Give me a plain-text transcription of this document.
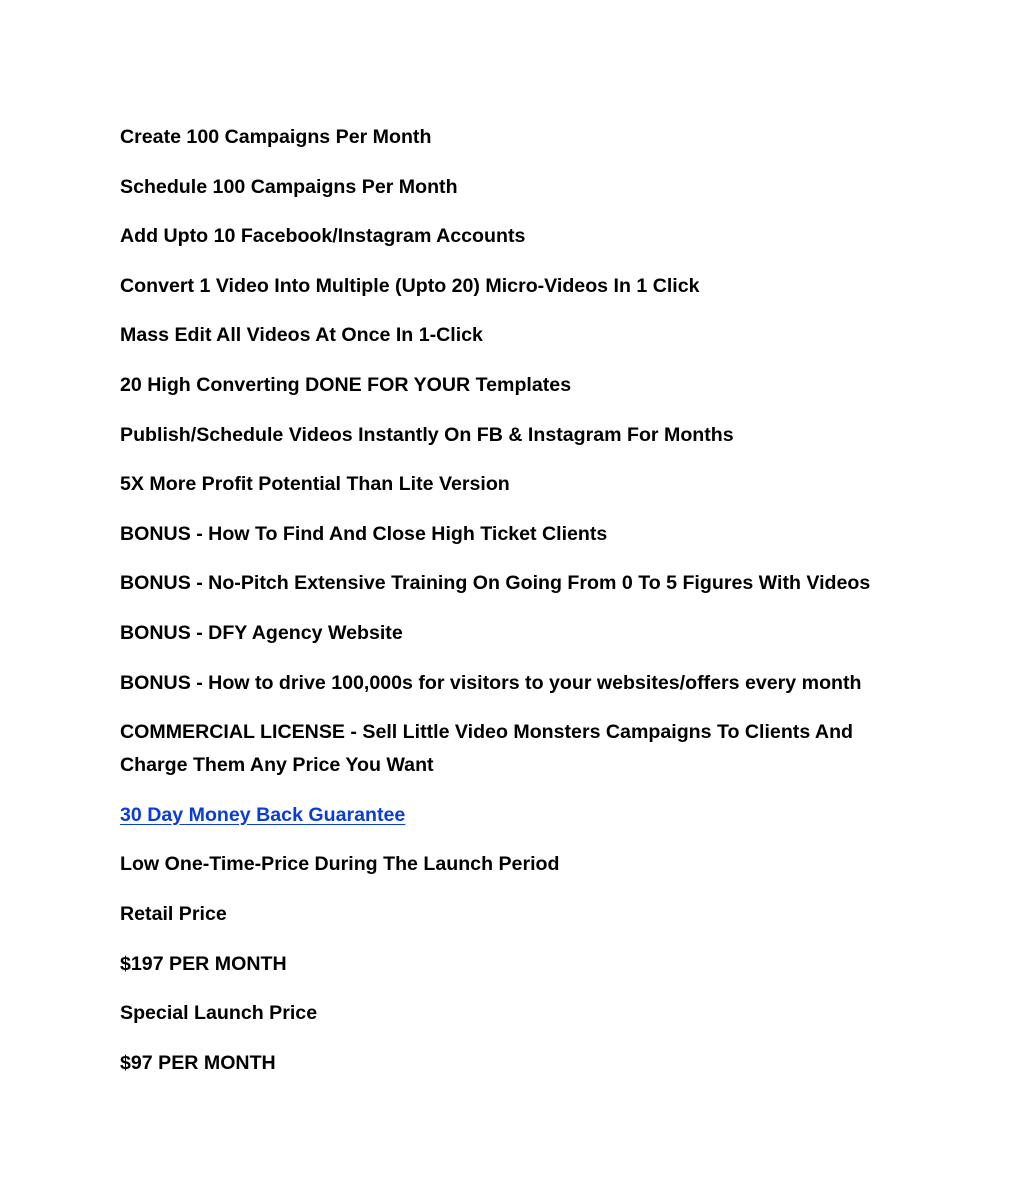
Create 100 Campaigns Per Month
Schedule 100 Campaigns Per Month
Add Upto 10 Facebook/Instagram Accounts
Convert 1 Video Into Multiple (Upto 20) Micro-Videos In 1 Click
Mass Edit All Videos At Once In 1-Click
20 High Converting DONE FOR YOUR Templates
Publish/Schedule Videos Instantly On FB & Instagram For Months
5X More Profit Potential Than Lite Version
BONUS - How To Find And Close High Ticket Clients
BONUS - No-Pitch Extensive Training On Going From 0 To 5 Figures With Videos
BONUS - DFY Agency Website
BONUS - How to drive 100,000s for visitors to your websites/offers every month
COMMERCIAL LICENSE - Sell Little Video Monsters Campaigns To Clients And Charge Them Any Price You Want
30 Day Money Back Guarantee
Low One-Time-Price During The Launch Period
Retail Price
$197 PER MONTH
Special Launch Price
$97 PER MONTH
